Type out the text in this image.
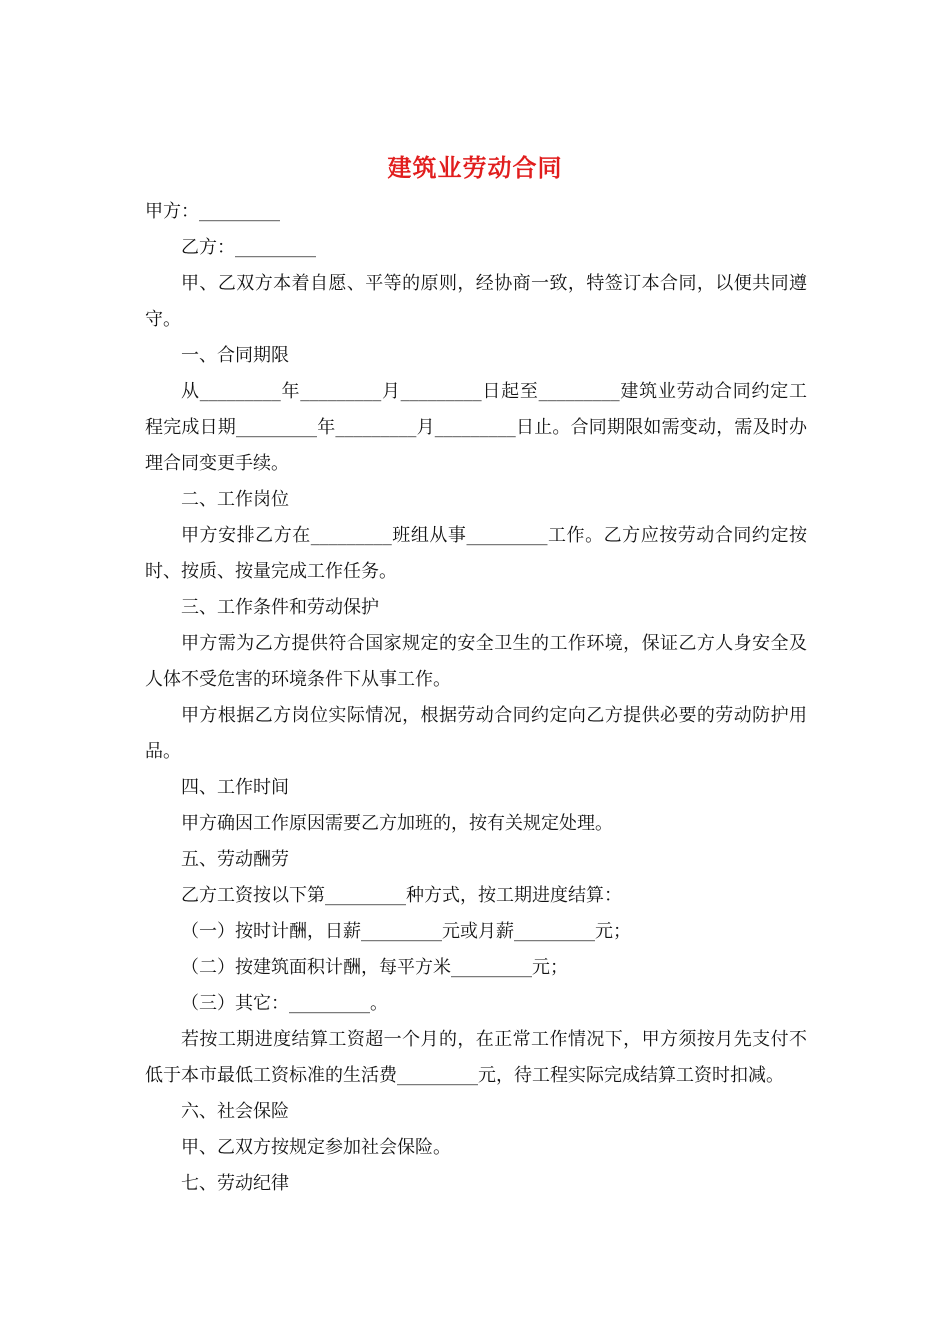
建筑业劳动合同

甲方：_________

乙方：_________

甲、乙双方本着自愿、平等的原则，经协商一致，特签订本合同，以便共同遵守。

一、合同期限

从_________年_________月_________日起至_________建筑业劳动合同约定工程完成日期_________年_________月_________日止。合同期限如需变动，需及时办理合同变更手续。

二、工作岗位

甲方安排乙方在_________班组从事_________工作。乙方应按劳动合同约定按时、按质、按量完成工作任务。

三、工作条件和劳动保护

甲方需为乙方提供符合国家规定的安全卫生的工作环境，保证乙方人身安全及人体不受危害的环境条件下从事工作。

甲方根据乙方岗位实际情况，根据劳动合同约定向乙方提供必要的劳动防护用品。

四、工作时间

甲方确因工作原因需要乙方加班的，按有关规定处理。

五、劳动酬劳

乙方工资按以下第_________种方式，按工期进度结算：

（一）按时计酬，日薪_________元或月薪_________元；

（二）按建筑面积计酬，每平方米_________元；

（三）其它：_________。

若按工期进度结算工资超一个月的，在正常工作情况下，甲方须按月先支付不低于本市最低工资标准的生活费_________元，待工程实际完成结算工资时扣减。

六、社会保险

甲、乙双方按规定参加社会保险。

七、劳动纪律
